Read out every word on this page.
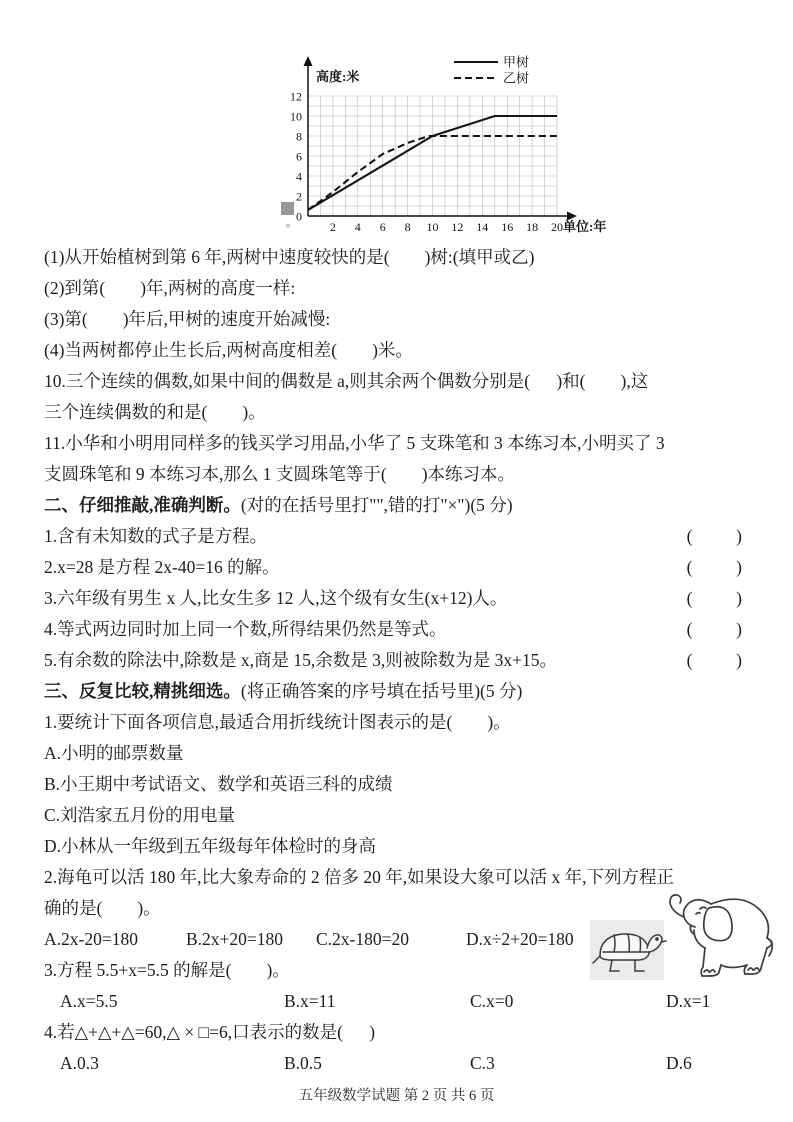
0
2
4
6
8
10
12
2 4 6 8 10 12 14 16 18 20
高度:米
单位:年
甲树
乙树
。

(1)从开始植树到第 6 年,两树中速度较快的是(        )树:(填甲或乙)

(2)到第(        )年,两树的高度一样:

(3)第(        )年后,甲树的速度开始减慢:

(4)当两树都停止生长后,两树高度相差(        )米。

10.三个连续的偶数,如果中间的偶数是 a,则其余两个偶数分别是(      )和(        ),这

三个连续偶数的和是(        )。

11.小华和小明用同样多的钱买学习用品,小华了 5 支珠笔和 3 本练习本,小明买了 3

支圆珠笔和 9 本练习本,那么 1 支圆珠笔等于(        )本练习本。

二、仔细推敲,准确判断。(对的在括号里打"",错的打"×")(5 分)

1.含有未知数的式子是方程。	(          )
2.x=28 是方程 2x-40=16 的解。	(          )
3.六年级有男生 x 人,比女生多 12 人,这个级有女生(x+12)人。	(          )
4.等式两边同时加上同一个数,所得结果仍然是等式。	(          )
5.有余数的除法中,除数是 x,商是 15,余数是 3,则被除数为是 3x+15。	(          )

三、反复比较,精挑细选。(将正确答案的序号填在括号里)(5 分)

1.要统计下面各项信息,最适合用折线统计图表示的是(        )。

A.小明的邮票数量

B.小王期中考试语文、数学和英语三科的成绩

C.刘浩家五月份的用电量

D.小林从一年级到五年级每年体检时的身高

2.海龟可以活 180 年,比大象寿命的 2 倍多 20 年,如果设大象可以活 x 年,下列方程正

确的是(        )。

A.2x-20=180	B.2x+20=180	C.2x-180=20	D.x÷2+20=180

3.方程 5.5+x=5.5 的解是(        )。

A.x=5.5	B.x=11	C.x=0	D.x=1

4.若△+△+△=60,△ × □=6,口表示的数是(      )

A.0.3	B.0.5	C.3	D.6
五年级数学试题 第 2 页 共 6 页
